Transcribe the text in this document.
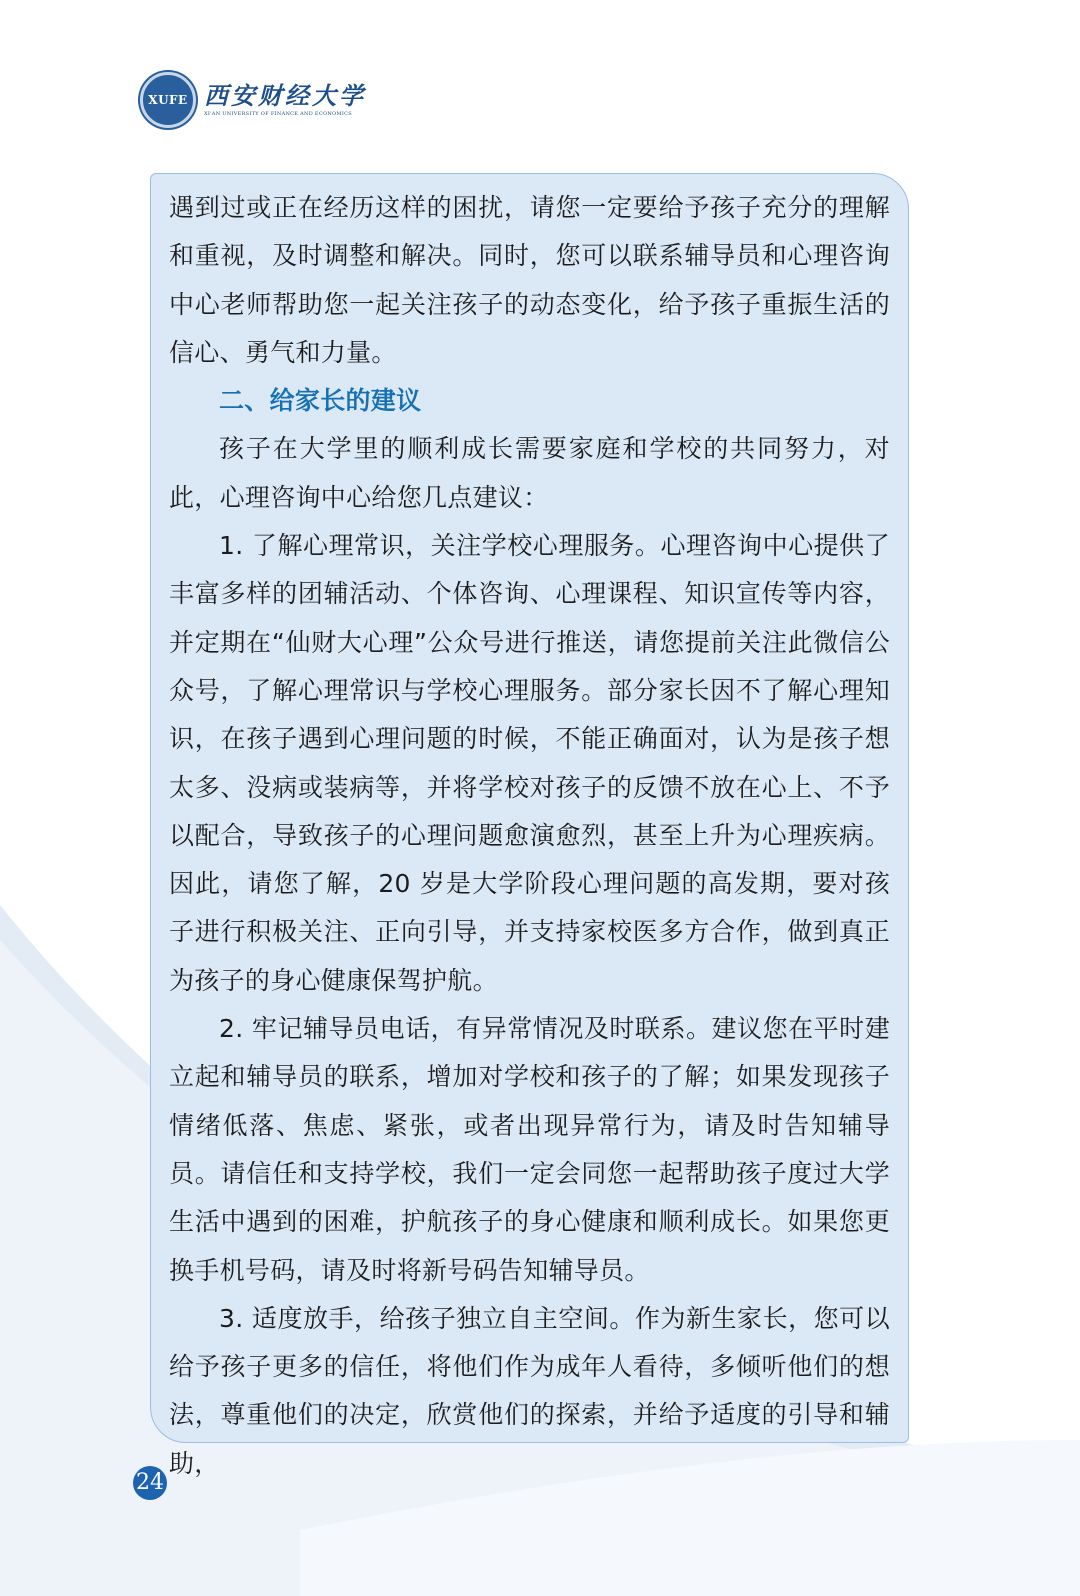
XUFE 西安财经大学
XI'AN UNIVERSITY OF FINANCE AND ECONOMICS

遇到过或正在经历这样的困扰，请您一定要给予孩子充分的理解和重视，及时调整和解决。同时，您可以联系辅导员和心理咨询中心老师帮助您一起关注孩子的动态变化，给予孩子重振生活的信心、勇气和力量。

二、给家长的建议

孩子在大学里的顺利成长需要家庭和学校的共同努力，对此，心理咨询中心给您几点建议：

1. 了解心理常识，关注学校心理服务。心理咨询中心提供了丰富多样的团辅活动、个体咨询、心理课程、知识宣传等内容，并定期在“仙财大心理”公众号进行推送，请您提前关注此微信公众号，了解心理常识与学校心理服务。部分家长因不了解心理知识，在孩子遇到心理问题的时候，不能正确面对，认为是孩子想太多、没病或装病等，并将学校对孩子的反馈不放在心上、不予以配合，导致孩子的心理问题愈演愈烈，甚至上升为心理疾病。因此，请您了解，20 岁是大学阶段心理问题的高发期，要对孩子进行积极关注、正向引导，并支持家校医多方合作，做到真正为孩子的身心健康保驾护航。

2. 牢记辅导员电话，有异常情况及时联系。建议您在平时建立起和辅导员的联系，增加对学校和孩子的了解；如果发现孩子情绪低落、焦虑、紧张，或者出现异常行为，请及时告知辅导员。请信任和支持学校，我们一定会同您一起帮助孩子度过大学生活中遇到的困难，护航孩子的身心健康和顺利成长。如果您更换手机号码，请及时将新号码告知辅导员。

3. 适度放手，给孩子独立自主空间。作为新生家长，您可以给予孩子更多的信任，将他们作为成年人看待，多倾听他们的想法，尊重他们的决定，欣赏他们的探索，并给予适度的引导和辅助，

24
